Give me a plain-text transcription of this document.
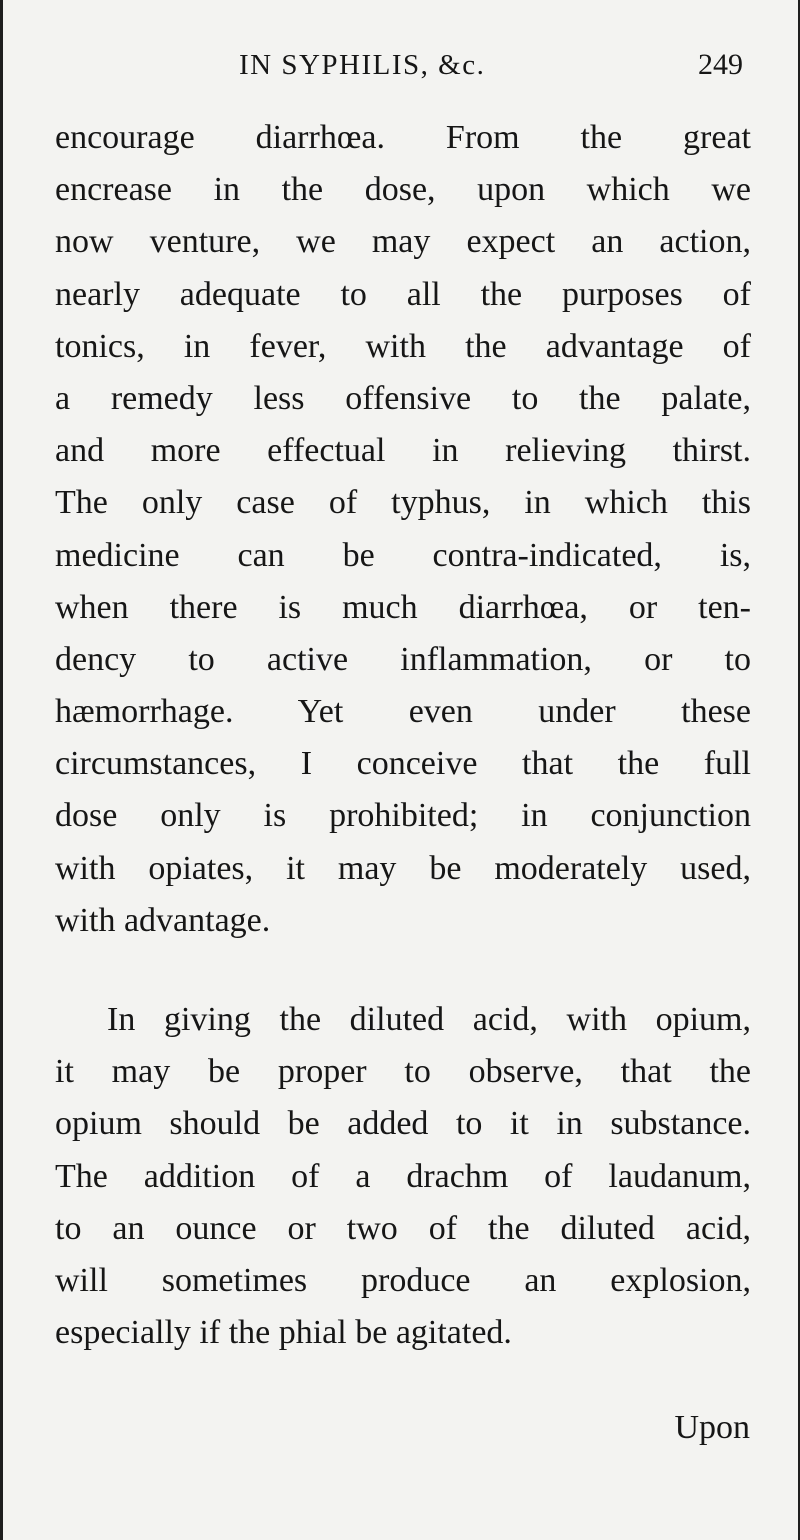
IN SYPHILIS, &c.	249
encourage diarrhœa. From the great
encrease in the dose, upon which we
now venture, we may expect an action,
nearly adequate to all the purposes of
tonics, in fever, with the advantage of
a remedy less offensive to the palate,
and more effectual in relieving thirst.
The only case of typhus, in which this
medicine can be contra-indicated, is,
when there is much diarrhœa, or ten-
dency to active inflammation, or to
hæmorrhage. Yet even under these
circumstances, I conceive that the full
dose only is prohibited; in conjunction
with opiates, it may be moderately used,
with advantage.
In giving the diluted acid, with opium,
it may be proper to observe, that the
opium should be added to it in substance.
The addition of a drachm of laudanum,
to an ounce or two of the diluted acid,
will sometimes produce an explosion,
especially if the phial be agitated.
Upon
